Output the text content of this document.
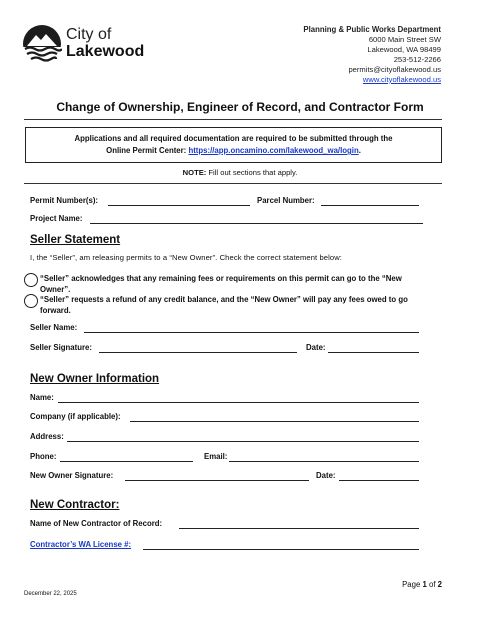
City of
Lakewood
Planning & Public Works Department
6000 Main Street SW
Lakewood, WA 98499
253-512-2266
permits@cityoflakewood.us
www.cityoflakewood.us
Change of Ownership, Engineer of Record, and Contractor Form
Applications and all required documentation are required to be submitted through the
Online Permit Center: https://app.oncamino.com/lakewood_wa/login.
NOTE: Fill out sections that apply.
Permit Number(s):	Parcel Number:
Project Name:
Seller Statement
I, the “Seller”, am releasing permits to a “New Owner”. Check the correct statement below:
“Seller” acknowledges that any remaining fees or requirements on this permit can go to the “New Owner”.
“Seller” requests a refund of any credit balance, and the “New Owner” will pay any fees owed to go forward.
Seller Name:
Seller Signature:	Date:
New Owner Information
Name:
Company (if applicable):
Address:
Phone:	Email:
New Owner Signature:	Date:
New Contractor:
Name of New Contractor of Record:
Contractor’s WA License #:
Page 1 of 2
December 22, 2025
